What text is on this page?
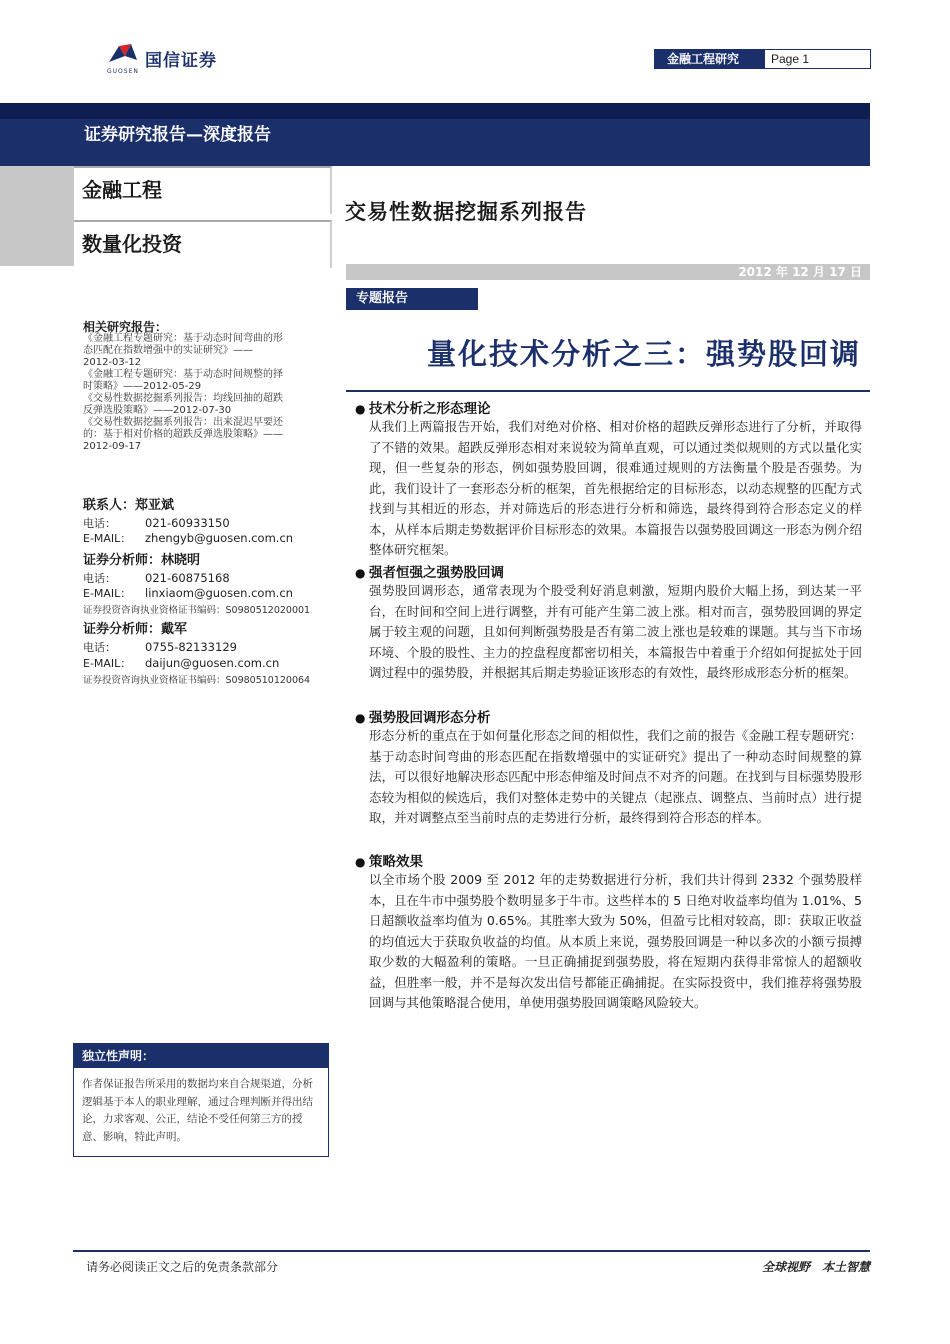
国信证券
GUOSEN
金融工程研究	Page 1
证券研究报告—深度报告
金融工程
数量化投资
交易性数据挖掘系列报告
2012 年 12 月 17 日
专题报告
量化技术分析之三：强势股回调
相关研究报告：
《金融工程专题研究：基于动态时间弯曲的形
态匹配在指数增强中的实证研究》——
2012-03-12
《金融工程专题研究：基于动态时间规整的择
时策略》——2012-05-29
《交易性数据挖掘系列报告：均线回抽的超跌
反弹选股策略》——2012-07-30
《交易性数据挖掘系列报告：出来混迟早要还
的：基于相对价格的超跌反弹选股策略》——
2012-09-17
联系人：郑亚斌
电话：	021-60933150
E-MAIL： zhengyb@guosen.com.cn
证券分析师：林晓明
电话：	021-60875168
E-MAIL： linxiaom@guosen.com.cn
证券投资咨询执业资格证书编码：S0980512020001
证券分析师：戴军
电话：	0755-82133129
E-MAIL： daijun@guosen.com.cn
证券投资咨询执业资格证书编码：S0980510120064
● 技术分析之形态理论
从我们上两篇报告开始，我们对绝对价格、相对价格的超跌反弹形态进行了分析，并取得了不错的效果。超跌反弹形态相对来说较为简单直观，可以通过类似规则的方式以量化实现，但一些复杂的形态，例如强势股回调，很难通过规则的方法衡量个股是否强势。为此，我们设计了一套形态分析的框架，首先根据给定的目标形态，以动态规整的匹配方式找到与其相近的形态，并对筛选后的形态进行分析和筛选，最终得到符合形态定义的样本，从样本后期走势数据评价目标形态的效果。本篇报告以强势股回调这一形态为例介绍整体研究框架。
● 强者恒强之强势股回调
强势股回调形态，通常表现为个股受利好消息刺激，短期内股价大幅上扬，到达某一平台，在时间和空间上进行调整，并有可能产生第二波上涨。相对而言，强势股回调的界定属于较主观的问题，且如何判断强势股是否有第二波上涨也是较难的课题。其与当下市场环境、个股的股性、主力的控盘程度都密切相关，本篇报告中着重于介绍如何捉拡处于回调过程中的强势股，并根据其后期走势验证该形态的有效性，最终形成形态分析的框架。
● 强势股回调形态分析
形态分析的重点在于如何量化形态之间的相似性，我们之前的报告《金融工程专题研究：基于动态时间弯曲的形态匹配在指数增强中的实证研究》提出了一种动态时间规整的算法，可以很好地解决形态匹配中形态伸缩及时间点不对齐的问题。在找到与目标强势股形态较为相似的候选后，我们对整体走势中的关键点（起涨点、调整点、当前时点）进行提取，并对调整点至当前时点的走势进行分析，最终得到符合形态的样本。
● 策略效果
以全市场个股 2009 至 2012 年的走势数据进行分析，我们共计得到 2332 个强势股样本，且在牛市中强势股个数明显多于牛市。这些样本的 5 日绝对收益率均值为 1.01%、5 日超额收益率均值为 0.65%。其胜率大致为 50%，但盈亏比相对较高，即：获取正收益的均值远大于获取负收益的均值。从本质上来说，强势股回调是一种以多次的小额亏损搏取少数的大幅盈利的策略。一旦正确捕捉到强势股，将在短期内获得非常惊人的超额收益，但胜率一般，并不是每次发出信号都能正确捕捉。在实际投资中，我们推荐将强势股回调与其他策略混合使用，单使用强势股回调策略风险较大。
独立性声明：
作者保证报告所采用的数据均来自合规渠道，分析逻辑基于本人的职业理解，通过合理判断并得出结论，力求客观、公正，结论不受任何第三方的授意、影响，特此声明。
请务必阅读正文之后的免责条款部分	全球视野　本土智慧
